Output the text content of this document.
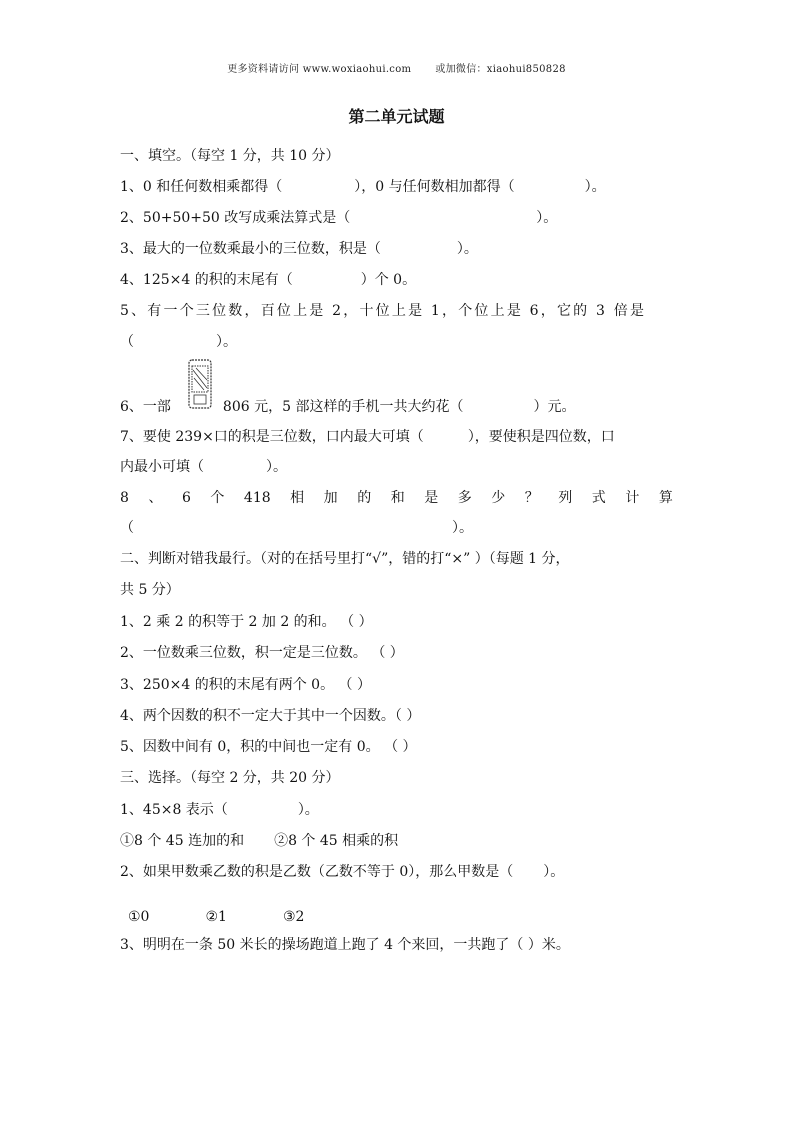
更多资料请访问 www.woxiaohui.com 或加微信：xiaohui850828
第二单元试题
一、填空。（每空 1 分，共 10 分）
1、0 和任何数相乘都得（	），0 与任何数相加都得（	）。
2、50+50+50 改写成乘法算式是（	）。
3、最大的一位数乘最小的三位数，积是（	）。
4、125×4 的积的末尾有（	）个 0。
5、有一个三位数，百位上是 2，十位上是 1，个位上是 6，它的 3 倍是
（	）。
6、一部	806 元，5 部这样的手机一共大约花（	）元。
7、要使 239×口的积是三位数，口内最大可填（	），要使积是四位数，口
内最小可填（	）。
8 、 6 个 418 相 加 的 和 是 多 少 ？ 列 式 计 算
（	）。
二、判断对错我最行。（对的在括号里打“√”，错的打“×” ）（每题 1 分，
共 5 分）
1、2 乘 2 的积等于 2 加 2 的和。 （ ）
2、一位数乘三位数，积一定是三位数。 （ ）
3、250×4 的积的末尾有两个 0。 （ ）
4、两个因数的积不一定大于其中一个因数。（ ）
5、因数中间有 0，积的中间也一定有 0。 （ ）
三、选择。（每空 2 分，共 20 分）
1、45×8 表示（	）。
①8 个 45 连加的和 ②8 个 45 相乘的积
2、如果甲数乘乙数的积是乙数（乙数不等于 0），那么甲数是（ ）。
①0	②1	③2
3、明明在一条 50 米长的操场跑道上跑了 4 个来回，一共跑了（ ）米。
